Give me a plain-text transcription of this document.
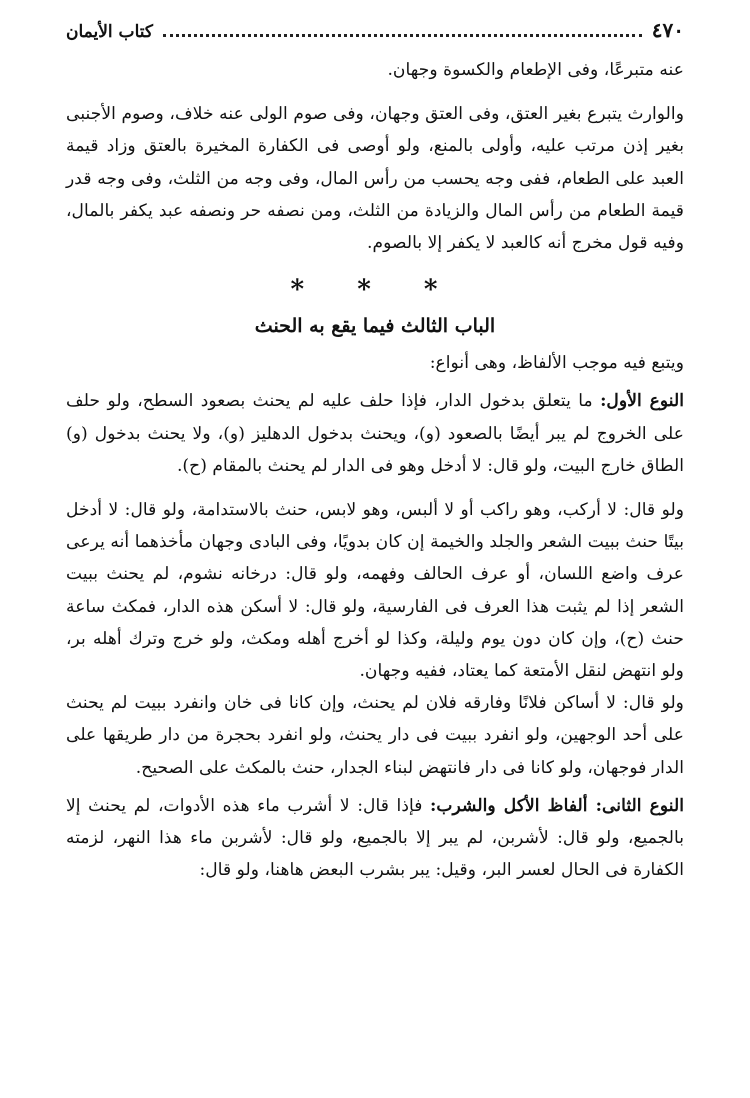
٤٧٠
كتاب الأيمان

عنه متبرعًا، وفى الإطعام والكسوة وجهان.

والوارث يتبرع بغير العتق، وفى العتق وجهان، وفى صوم الولى عنه خلاف، وصوم الأجنبى بغير إذن مرتب عليه، وأولى بالمنع، ولو أوصى فى الكفارة المخيرة بالعتق وزاد قيمة العبد على الطعام، ففى وجه يحسب من رأس المال، وفى وجه من الثلث، وفى وجه قدر قيمة الطعام من رأس المال والزيادة من الثلث، ومن نصفه حر ونصفه عبد يكفر بالمال، وفيه قول مخرج أنه كالعبد لا يكفر إلا بالصوم.

* * *
الباب الثالث فيما يقع به الحنث

ويتبع فيه موجب الألفاظ، وهى أنواع:

النوع الأول: ما يتعلق بدخول الدار، فإذا حلف عليه لم يحنث بصعود السطح، ولو حلف على الخروج لم يبر أيضًا بالصعود (و)، ويحنث بدخول الدهليز (و)، ولا يحنث بدخول (و) الطاق خارج البيت، ولو قال: لا أدخل وهو فى الدار لم يحنث بالمقام (ح).

ولو قال: لا أركب، وهو راكب أو لا ألبس، وهو لابس، حنث بالاستدامة، ولو قال: لا أدخل بيتًا حنث ببيت الشعر والجلد والخيمة إن كان بدويًا، وفى البادى وجهان مأخذهما أنه يرعى عرف واضع اللسان، أو عرف الحالف وفهمه، ولو قال: درخانه نشوم، لم يحنث ببيت الشعر إذا لم يثبت هذا العرف فى الفارسية، ولو قال: لا أسكن هذه الدار، فمكث ساعة حنث (ح)، وإن كان دون يوم وليلة، وكذا لو أخرج أهله ومكث، ولو خرج وترك أهله بر، ولو انتهض لنقل الأمتعة كما يعتاد، ففيه وجهان.

ولو قال: لا أساكن فلانًا وفارقه فلان لم يحنث، وإن كانا فى خان وانفرد ببيت لم يحنث على أحد الوجهين، ولو انفرد ببيت فى دار يحنث، ولو انفرد بحجرة من دار طريقها على الدار فوجهان، ولو كانا فى دار فانتهض لبناء الجدار، حنث بالمكث على الصحيح.

النوع الثانى: ألفاظ الأكل والشرب: فإذا قال: لا أشرب ماء هذه الأدوات، لم يحنث إلا بالجميع، ولو قال: لأشربن، لم يبر إلا بالجميع، ولو قال: لأشربن ماء هذا النهر، لزمته الكفارة فى الحال لعسر البر، وقيل: يبر بشرب البعض هاهنا، ولو قال:
